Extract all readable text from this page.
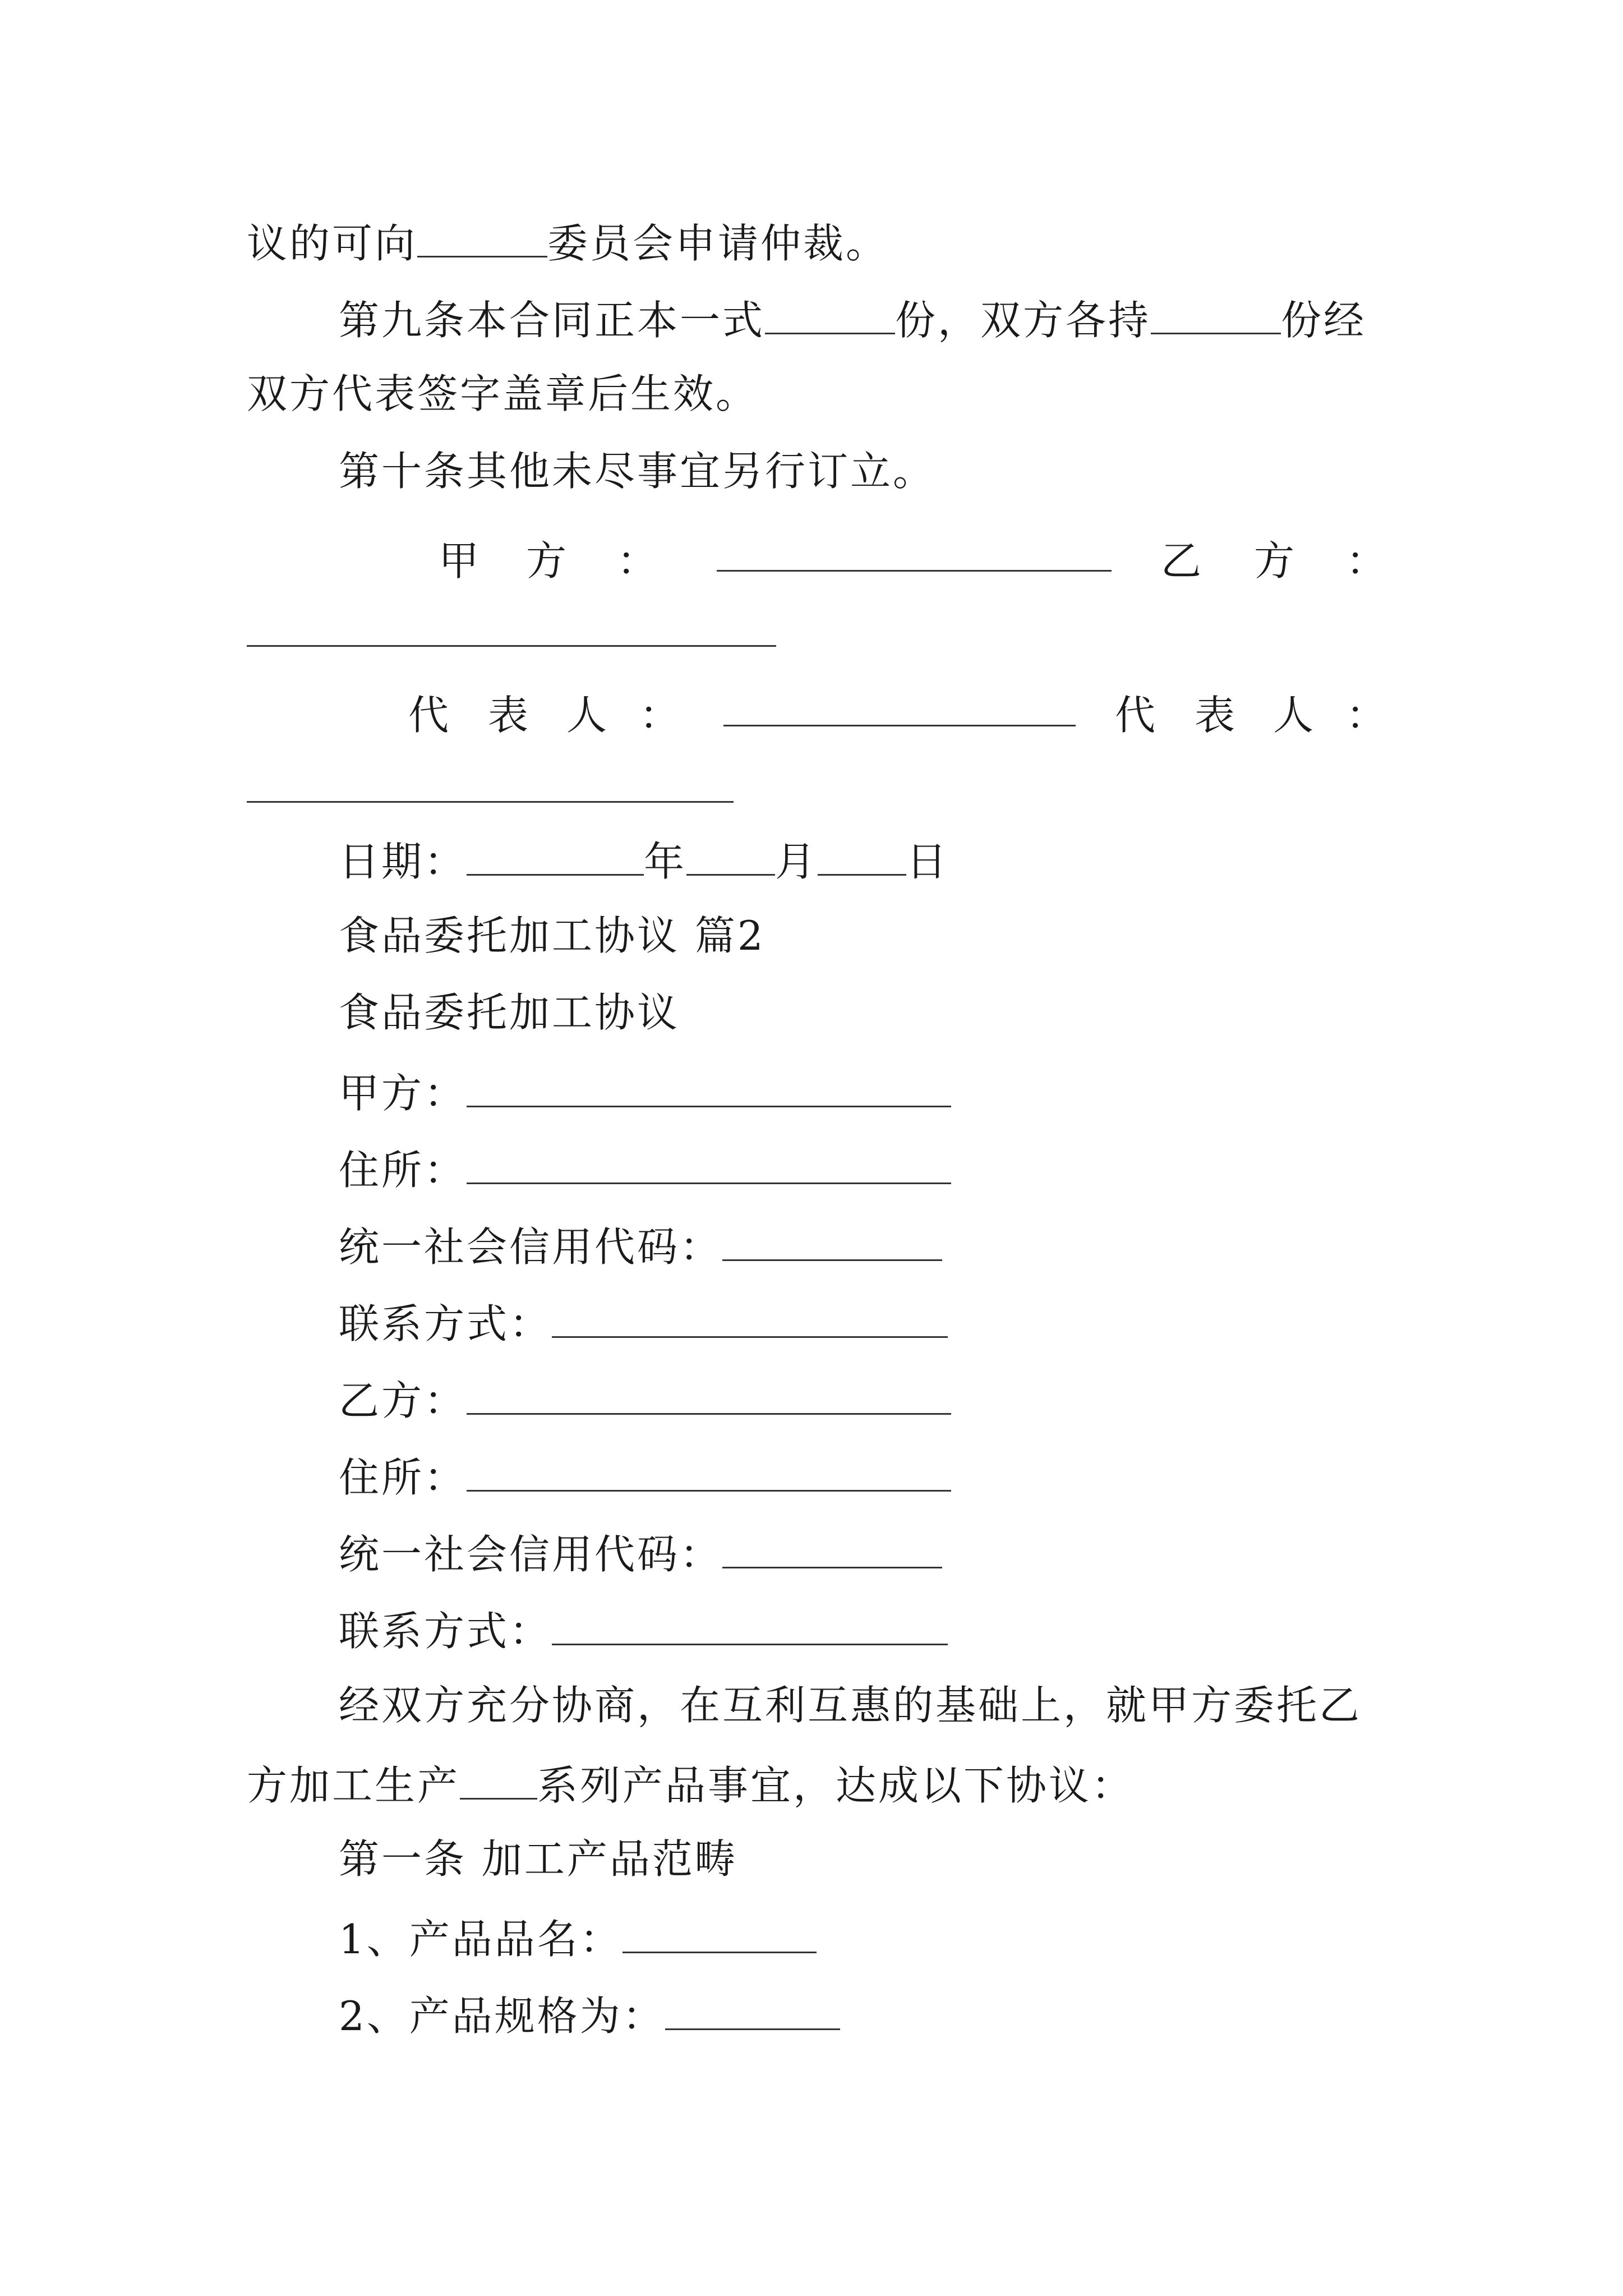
议的可向	委员会申请仲裁。
第九条本合同正本一式	份，双方各持	份经
双方代表签字盖章后生效。
第十条其他未尽事宜另行订立。
甲 方 ：	乙 方 ：
代 表 人 ：	代 表 人 ：
日期：	年 月 日
食品委托加工协议 篇2
食品委托加工协议
甲方：
住所：
统一社会信用代码：
联系方式：
乙方：
住所：
统一社会信用代码：
联系方式：
经双方充分协商，在互利互惠的基础上，就甲方委托乙
方加工生产 系列产品事宜，达成以下协议：
第一条 加工产品范畴
1、产品品名：
2、产品规格为：
